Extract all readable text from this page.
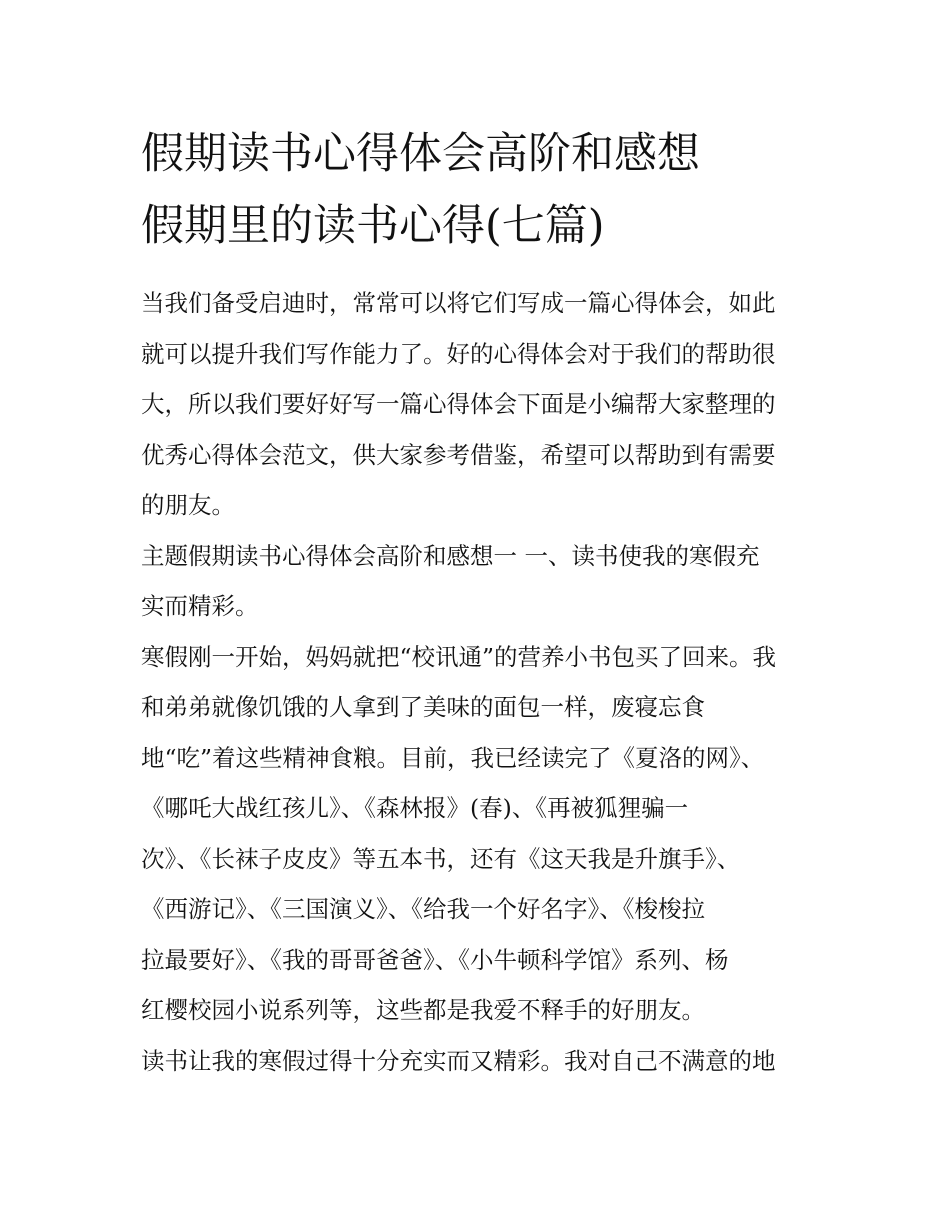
假期读书心得体会高阶和感想
假期里的读书心得(七篇)

当我们备受启迪时，常常可以将它们写成一篇心得体会，如此
就可以提升我们写作能力了。好的心得体会对于我们的帮助很
大，所以我们要好好写一篇心得体会下面是小编帮大家整理的
优秀心得体会范文，供大家参考借鉴，希望可以帮助到有需要
的朋友。

主题假期读书心得体会高阶和感想一 一、读书使我的寒假充
实而精彩。

寒假刚一开始，妈妈就把“校讯通”的营养小书包买了回来。我
和弟弟就像饥饿的人拿到了美味的面包一样，废寝忘食
地“吃”着这些精神食粮。目前，我已经读完了《夏洛的网》、
《哪吒大战红孩儿》、《森林报》(春)、《再被狐狸骗一
次》、《长袜子皮皮》等五本书，还有《这天我是升旗手》、
《西游记》、《三国演义》、《给我一个好名字》、《梭梭拉
拉最要好》、《我的哥哥爸爸》、《小牛顿科学馆》系列、杨
红樱校园小说系列等，这些都是我爱不释手的好朋友。

读书让我的寒假过得十分充实而又精彩。我对自己不满意的地
